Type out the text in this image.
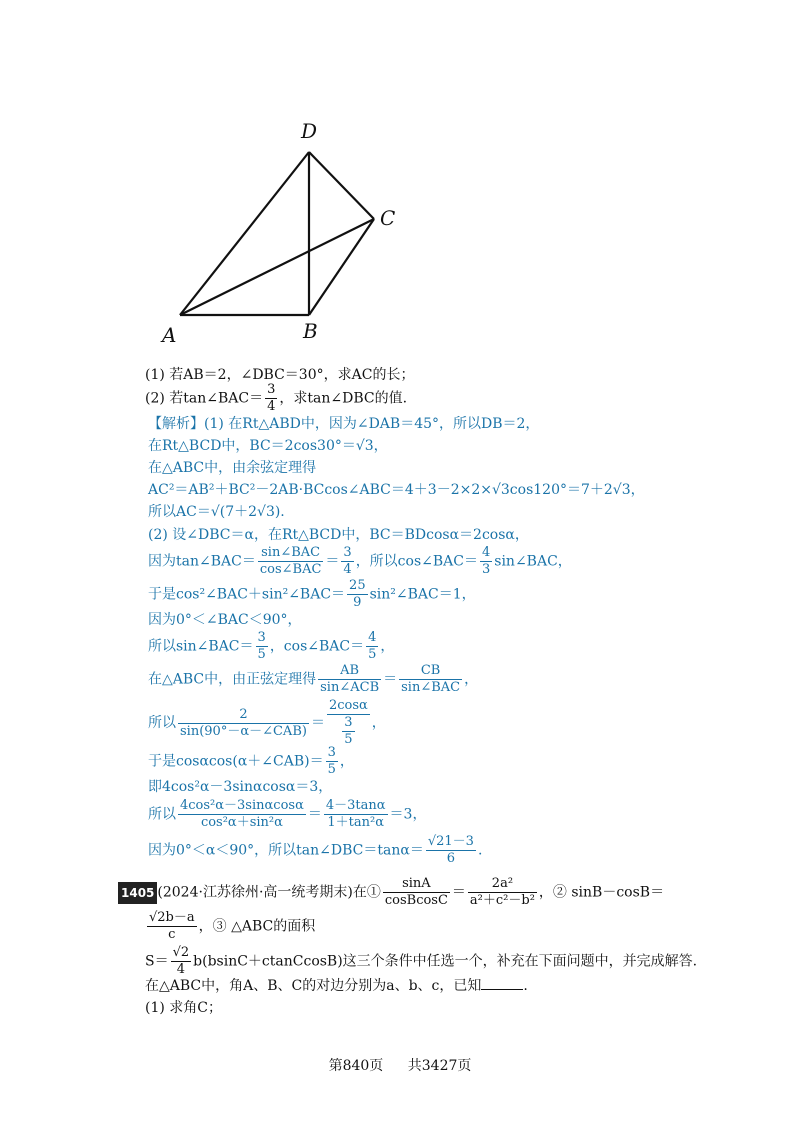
D
C
A	B
(1) 若AB＝2，∠DBC＝30°，求AC的长；
(2) 若tan∠BAC＝ $\frac{3}{4}$ ，求tan∠DBC的值.
【解析】(1) 在Rt△ABD中，因为∠DAB＝45°，所以DB＝2，
在Rt△BCD中，BC＝2cos30°＝√3，
在△ABC中，由余弦定理得
AC²＝AB²＋BC²－2AB·BCcos∠ABC＝4＋3－2×2×√3cos120°＝7＋2√3，
所以AC＝√(7＋2√3).
(2) 设∠DBC＝α，在Rt△BCD中，BC＝BDcosα＝2cosα，
因为tan∠BAC＝ $\frac{\text{sin∠BAC}}{\text{cos∠BAC}} = \frac{3}{4}$ ，所以cos∠BAC＝ $\frac{4}{3}$ sin∠BAC，
于是cos²∠BAC＋sin²∠BAC＝ $\frac{25}{9}$ sin²∠BAC＝1，
因为0°＜∠BAC＜90°，
所以sin∠BAC＝ $\frac{3}{5}$ ，cos∠BAC＝ $\frac{4}{5}$ ，
在△ABC中，由正弦定理得 $\frac{AB}{\text{sin∠ACB}} = \frac{CB}{\text{sin∠BAC}}$ ，
所以 $\frac{2}{\text{sin(90°－α－∠CAB)}} = \frac{2\cos\alpha}{\frac{3}{5}}$ ，
于是cosαcos(α＋∠CAB)＝ $\frac{3}{5}$ ，
即4cos²α－3sinαcosα＝3，
所以 $\frac{\text{4cos²α－3sinαcosα}}{\text{cos²α＋sin²α}} = \frac{4-3\tan\alpha}{\text{1＋tan²α}} =3$，
因为0°＜α＜90°，所以tan∠DBC＝tanα＝ $\frac{√21-3}{6}$ .
1405 (2024·江苏徐州·高一统考期末)在① $\frac{\sin A}{\text{cosBcosC}} = \frac{\text{2a²}}{\text{a²＋c²－b²}}$ ，② sinB－cosB＝
$\frac{√2b-a}{c}$ ，③ △ABC的面积
$S= \frac{√2}{4}$ b(bsinC＋ctanCcosB)这三个条件中任选一个，补充在下面问题中，并完成解答.
在△ABC中，角A、B、C的对边分别为a、b、c，已知	.
(1) 求角C；
第840页 共3427页
